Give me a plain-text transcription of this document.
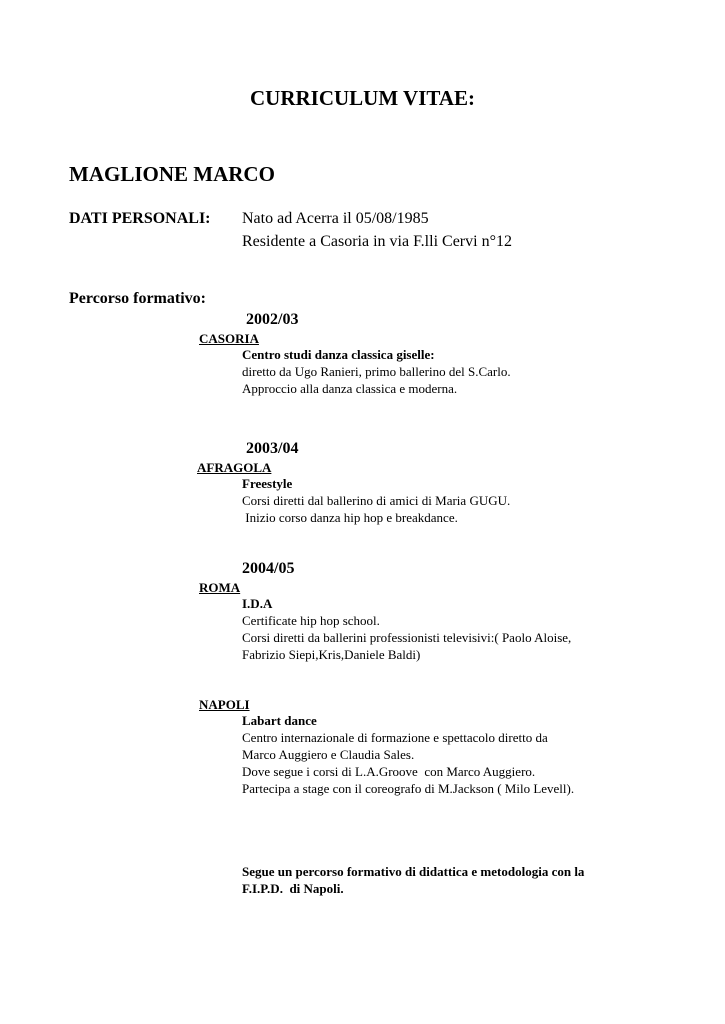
CURRICULUM VITAE:
MAGLIONE MARCO
DATI PERSONALI: Nato ad Acerra il 05/08/1985
Residente a Casoria in via F.lli Cervi n°12
Percorso formativo:
2002/03
CASORIA
Centro studi danza classica giselle:
diretto da Ugo Ranieri, primo ballerino del S.Carlo.
Approccio alla danza classica e moderna.
2003/04
AFRAGOLA
Freestyle
Corsi diretti dal ballerino di amici di Maria GUGU.
Inizio corso danza hip hop e breakdance.
2004/05
ROMA
I.D.A
Certificate hip hop school.
Corsi diretti da ballerini professionisti televisivi:( Paolo Aloise,
Fabrizio Siepi,Kris,Daniele Baldi)
NAPOLI
Labart dance
Centro internazionale di formazione e spettacolo diretto da
Marco Auggiero e Claudia Sales.
Dove segue i corsi di L.A.Groove  con Marco Auggiero.
Partecipa a stage con il coreografo di M.Jackson ( Milo Levell).
Segue un percorso formativo di didattica e metodologia con la
F.I.P.D.  di Napoli.
